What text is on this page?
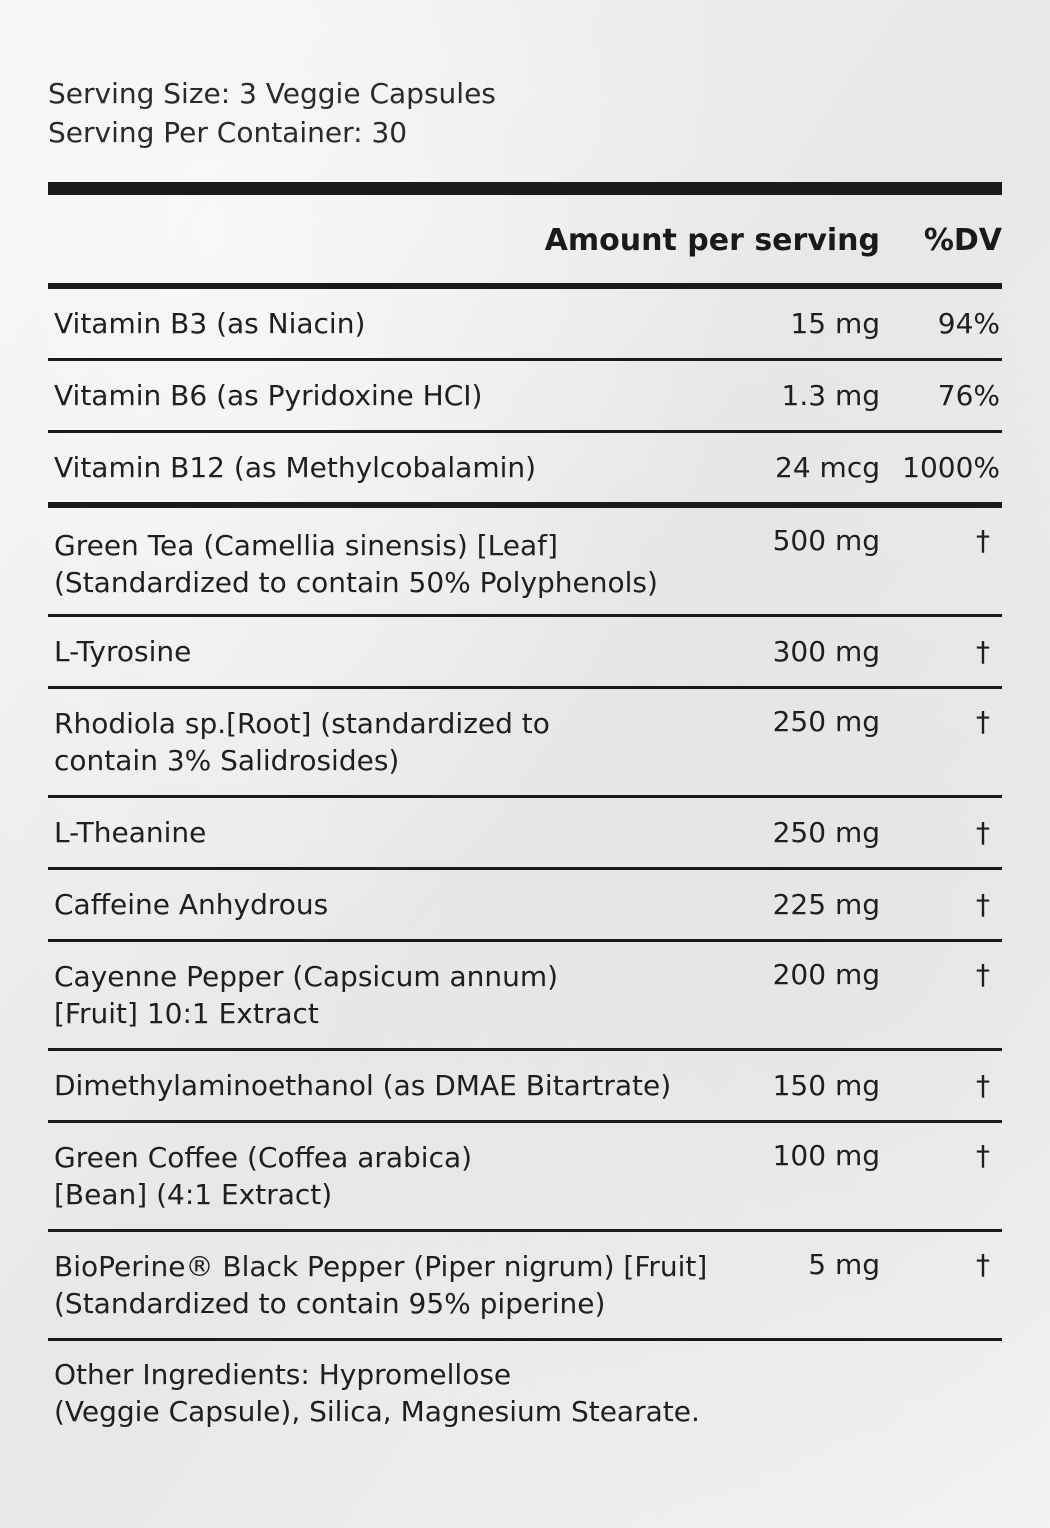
Serving Size: 3 Veggie Capsules
Serving Per Container: 30
Amount per serving %DV
Vitamin B3 (as Niacin)	15 mg 94%
Vitamin B6 (as Pyridoxine HCI)	1.3 mg 76%
Vitamin B12 (as Methylcobalamin)	24 mcg 1000%
Green Tea (Camellia sinensis) [Leaf]
(Standardized to contain 50% Polyphenols)
500 mg	†
L-Tyrosine	300 mg	†
Rhodiola sp.[Root] (standardized to
contain 3% Salidrosides)
250 mg	†
L-Theanine	250 mg	†
Caffeine Anhydrous	225 mg	†
Cayenne Pepper (Capsicum annum)
[Fruit] 10:1 Extract
200 mg	†
Dimethylaminoethanol (as DMAE Bitartrate)	150 mg	†
Green Coffee (Coffea arabica)
[Bean] (4:1 Extract)
100 mg	†
BioPerine® Black Pepper (Piper nigrum) [Fruit]
(Standardized to contain 95% piperine)
5 mg	†
Other Ingredients: Hypromellose
(Veggie Capsule), Silica, Magnesium Stearate.
